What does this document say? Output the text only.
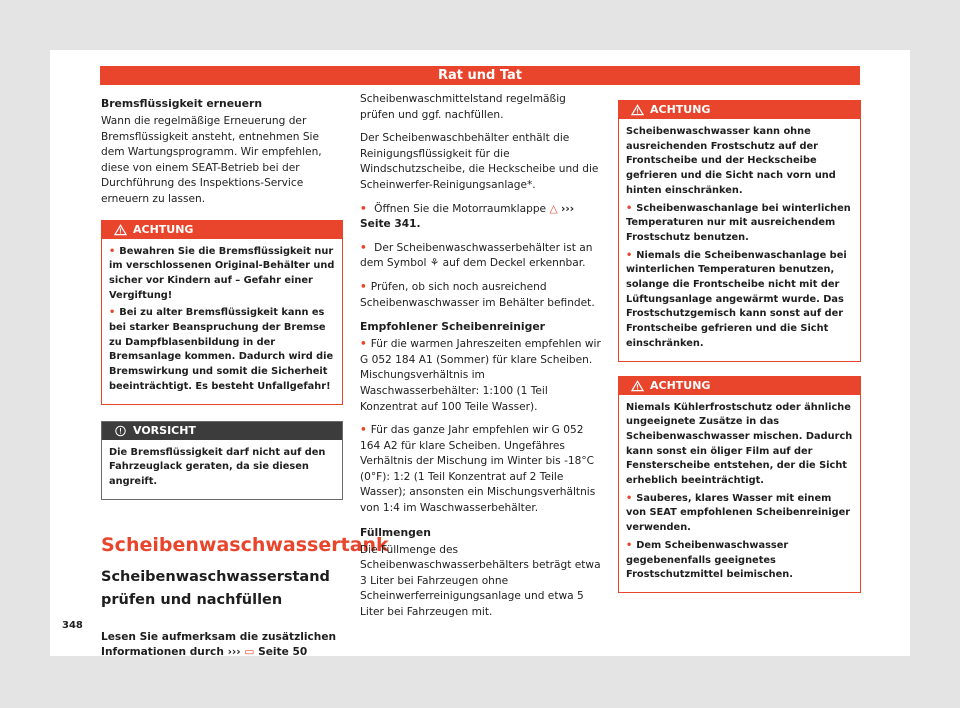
Rat und Tat

Bremsflüssigkeit erneuern

Wann die regelmäßige Erneuerung der Bremsflüssigkeit ansteht, entnehmen Sie dem Wartungsprogramm. Wir empfehlen, diese von einem SEAT-Betrieb bei der Durchführung des Inspektions-Service erneuern zu lassen.

ACHTUNG

• Bewahren Sie die Bremsflüssigkeit nur im verschlossenen Original-Behälter und sicher vor Kindern auf – Gefahr einer Vergiftung!

• Bei zu alter Bremsflüssigkeit kann es bei starker Beanspruchung der Bremse zu Dampfblasenbildung in der Bremsanlage kommen. Dadurch wird die Bremswirkung und somit die Sicherheit beeinträchtigt. Es besteht Unfallgefahr!

VORSICHT

Die Bremsflüssigkeit darf nicht auf den Fahrzeuglack geraten, da sie diesen angreift.

Scheibenwaschwassertank
Scheibenwaschwasserstand prüfen und nachfüllen

Lesen Sie aufmerksam die zusätzlichen Informationen durch ››› ▭ Seite 50

Scheibenwaschmittelstand regelmäßig prüfen und ggf. nachfüllen.

Der Scheibenwaschbehälter enthält die Reinigungsflüssigkeit für die Windschutzscheibe, die Heckscheibe und die Scheinwerfer-Reinigungsanlage*.

• Öffnen Sie die Motorraumklappe △ ››› Seite 341.

• Der Scheibenwaschwasserbehälter ist an dem Symbol ⚘ auf dem Deckel erkennbar.

• Prüfen, ob sich noch ausreichend Scheibenwaschwasser im Behälter befindet.

Empfohlener Scheibenreiniger

• Für die warmen Jahreszeiten empfehlen wir G 052 184 A1 (Sommer) für klare Scheiben. Mischungsverhältnis im Waschwasserbehälter: 1:100 (1 Teil Konzentrat auf 100 Teile Wasser).

• Für das ganze Jahr empfehlen wir G 052 164 A2 für klare Scheiben. Ungefähres Verhältnis der Mischung im Winter bis -18°C (0°F): 1:2 (1 Teil Konzentrat auf 2 Teile Wasser); ansonsten ein Mischungsverhältnis von 1:4 im Waschwasserbehälter.

Füllmengen

Die Füllmenge des Scheibenwaschwasserbehälters beträgt etwa 3 Liter bei Fahrzeugen ohne Scheinwerferreinigungsanlage und etwa 5 Liter bei Fahrzeugen mit.

ACHTUNG

Scheibenwaschwasser kann ohne ausreichenden Frostschutz auf der Frontscheibe und der Heckscheibe gefrieren und die Sicht nach vorn und hinten einschränken.

• Scheibenwaschanlage bei winterlichen Temperaturen nur mit ausreichendem Frostschutz benutzen.

• Niemals die Scheibenwaschanlage bei winterlichen Temperaturen benutzen, solange die Frontscheibe nicht mit der Lüftungsanlage angewärmt wurde. Das Frostschutzgemisch kann sonst auf der Frontscheibe gefrieren und die Sicht einschränken.

ACHTUNG

Niemals Kühlerfrostschutz oder ähnliche ungeeignete Zusätze in das Scheibenwaschwasser mischen. Dadurch kann sonst ein öliger Film auf der Fensterscheibe entstehen, der die Sicht erheblich beeinträchtigt.

• Sauberes, klares Wasser mit einem von SEAT empfohlenen Scheibenreiniger verwenden.

• Dem Scheibenwaschwasser gegebenenfalls geeignetes Frostschutzmittel beimischen.

348
